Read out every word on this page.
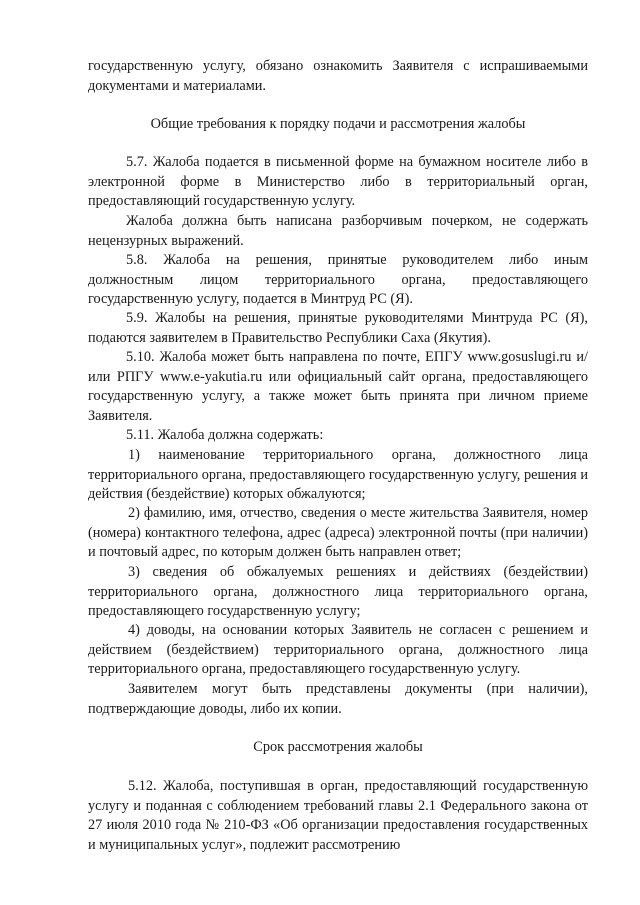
государственную услугу, обязано ознакомить Заявителя с испрашиваемыми документами и материалами.

Общие требования к порядку подачи и рассмотрения жалобы

5.7. Жалоба подается в письменной форме на бумажном носителе либо в электронной форме в Министерство либо в территориальный орган, предоставляющий государственную услугу.

Жалоба должна быть написана разборчивым почерком, не содержать нецензурных выражений.

5.8. Жалоба на решения, принятые руководителем либо иным должностным лицом территориального органа, предоставляющего государственную услугу, подается в Минтруд РС (Я).

5.9. Жалобы на решения, принятые руководителями Минтруда РС (Я), подаются заявителем в Правительство Республики Саха (Якутия).

5.10. Жалоба может быть направлена по почте, ЕПГУ www.gosuslugi.ru и/или РПГУ www.e-yakutia.ru или официальный сайт органа, предоставляющего государственную услугу, а также может быть принята при личном приеме Заявителя.

5.11. Жалоба должна содержать:

1) наименование территориального органа, должностного лица территориального органа, предоставляющего государственную услугу, решения и действия (бездействие) которых обжалуются;

2) фамилию, имя, отчество, сведения о месте жительства Заявителя, номер (номера) контактного телефона, адрес (адреса) электронной почты (при наличии) и почтовый адрес, по которым должен быть направлен ответ;

3) сведения об обжалуемых решениях и действиях (бездействии) территориального органа, должностного лица территориального органа, предоставляющего государственную услугу;

4) доводы, на основании которых Заявитель не согласен с решением и действием (бездействием) территориального органа, должностного лица территориального органа, предоставляющего государственную услугу.

Заявителем могут быть представлены документы (при наличии), подтверждающие доводы, либо их копии.

Срок рассмотрения жалобы

5.12. Жалоба, поступившая в орган, предоставляющий государственную услугу и поданная с соблюдением требований главы 2.1 Федерального закона от 27 июля 2010 года № 210-ФЗ «Об организации предоставления государственных и муниципальных услуг», подлежит рассмотрению
